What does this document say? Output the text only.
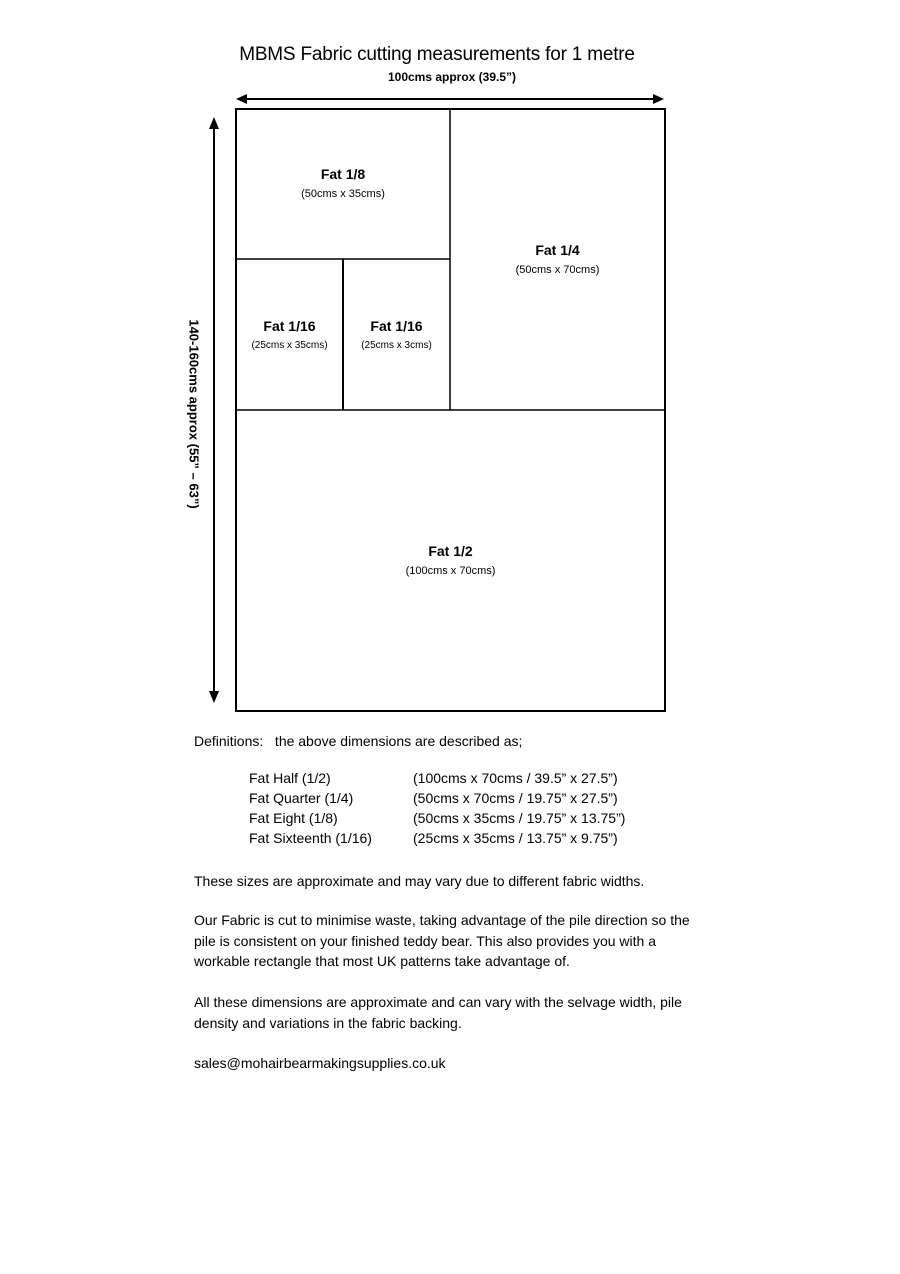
MBMS Fabric cutting measurements for 1 metre
100cms approx (39.5”)
Fat 1/8
(50cms x 35cms)
Fat 1/4
(50cms x 70cms)
Fat 1/16
(25cms x 35cms)
Fat 1/16
(25cms x 3cms)
Fat 1/2
(100cms x 70cms)
140-160cms approx (55” – 63”)
Definitions:   the above dimensions are described as;
Fat Half (1/2)	(100cms x 70cms / 39.5” x 27.5”)
Fat Quarter (1/4)	(50cms x 70cms / 19.75” x 27.5”)
Fat Eight (1/8)	(50cms x 35cms / 19.75” x 13.75”)
Fat Sixteenth (1/16)	(25cms x 35cms / 13.75” x 9.75”)
These sizes are approximate and may vary due to different fabric widths.
Our Fabric is cut to minimise waste, taking advantage of the pile direction so the pile is consistent on your finished teddy bear. This also provides you with a workable rectangle that most UK patterns take advantage of.
All these dimensions are approximate and can vary with the selvage width, pile density and variations in the fabric backing.
sales@mohairbearmakingsupplies.co.uk
